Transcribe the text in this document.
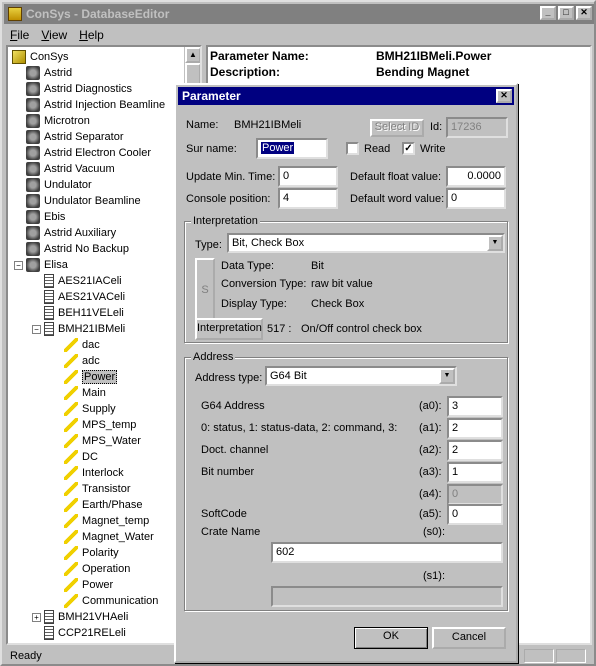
ConSys - DatabaseEditor	_	□	✕
File View Help
▲
ConSys
Astrid
Astrid Diagnostics
Astrid Injection Beamline
Microtron
Astrid Separator
Astrid Electron Cooler
Astrid Vacuum
Undulator
Undulator Beamline
Ebis
Astrid Auxiliary
Astrid No Backup
Elisa
AES21IACeli
AES21VACeli
BEH11VELeli
BMH21IBMeli
dac
adc
Power
Main
Supply
MPS_temp
MPS_Water
DC
Interlock
Transistor
Earth/Phase
Magnet_temp
Magnet_Water
Polarity
Operation
Power
Communication
BMH21VHAeli
CCP21RELeli
−
−
+
Parameter Name:	BMH21IBMeli.Power
Description:	Bending Magnet
Ready
Parameter	✕
Name: BMH21IBMeli	Select ID Id: 17236
Sur name:	Power	Read ✓ Write
Update Min. Time: 0	Default float value:	0.0000
Console position:	4	Default word value: 0
Interpretation
Type: Bit, Check Box	▼
S
Data Type:	Bit
Conversion Type: raw bit value
Display Type: Check Box
Interpretation 517 : On/Off control check box
Address
Address type: G64 Bit	▼
G64 Address	(a0): 3
0: status, 1: status-data, 2: command, 3: (a1): 2
Doct. channel	(a2): 2
Bit number	(a3): 1
(a4): 0
SoftCode	(a5): 0
Crate Name	(s0):
602
(s1):
OK	Cancel
